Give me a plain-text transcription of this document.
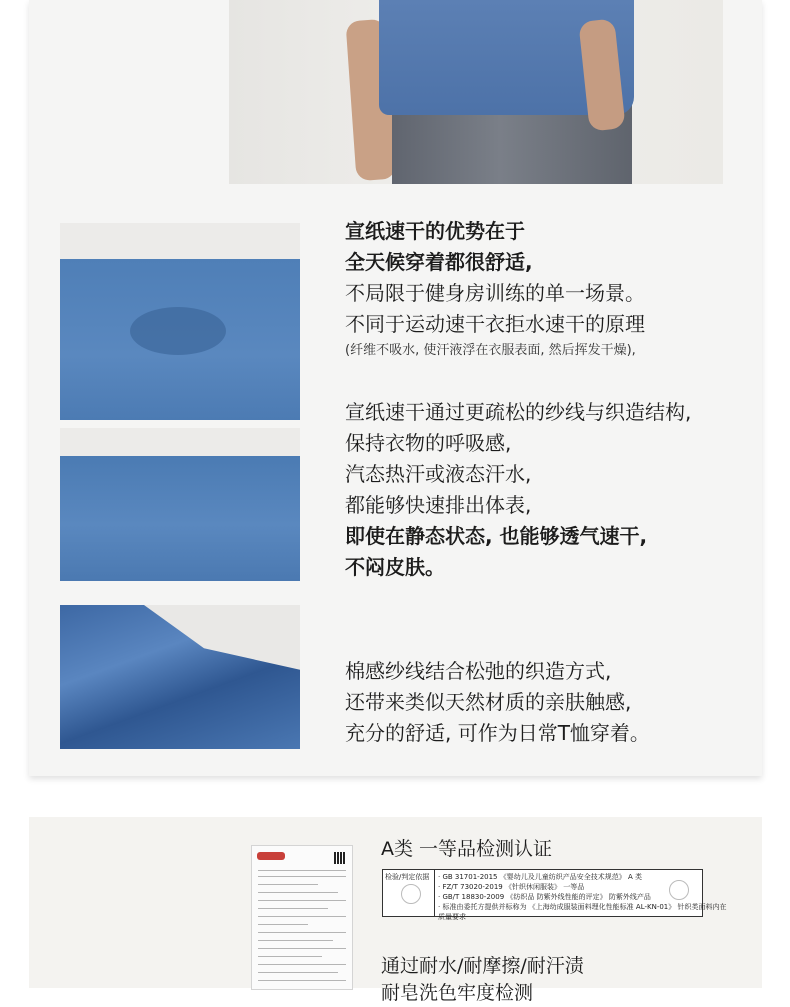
宣纸速干的优势在于
全天候穿着都很舒适,
不局限于健身房训练的单一场景。
不同于运动速干衣拒水速干的原理
(纤维不吸水, 使汗液浮在衣服表面, 然后挥发干燥),
宣纸速干通过更疏松的纱线与织造结构,
保持衣物的呼吸感,
汽态热汗或液态汗水,
都能够快速排出体表,
即使在静态状态, 也能够透气速干,
不闷皮肤。
棉感纱线结合松弛的织造方式,
还带来类似天然材质的亲肤触感,
充分的舒适, 可作为日常T恤穿着。
A类 一等品检测认证
检验/判定依据	· GB 31701-2015 《婴幼儿及儿童纺织产品安全技术规范》 A 类
· FZ/T 73020-2019 《针织休闲服装》 一等品
· GB/T 18830-2009 《纺织品 防紫外线性能的评定》 防紫外线产品
· 标准由委托方提供并标称为 《上海幼成服装面料理化性能标准 AL-KN-01》 针织类面料内在
质量要求
通过耐水/耐摩擦/耐汗渍
耐皂洗色牢度检测
